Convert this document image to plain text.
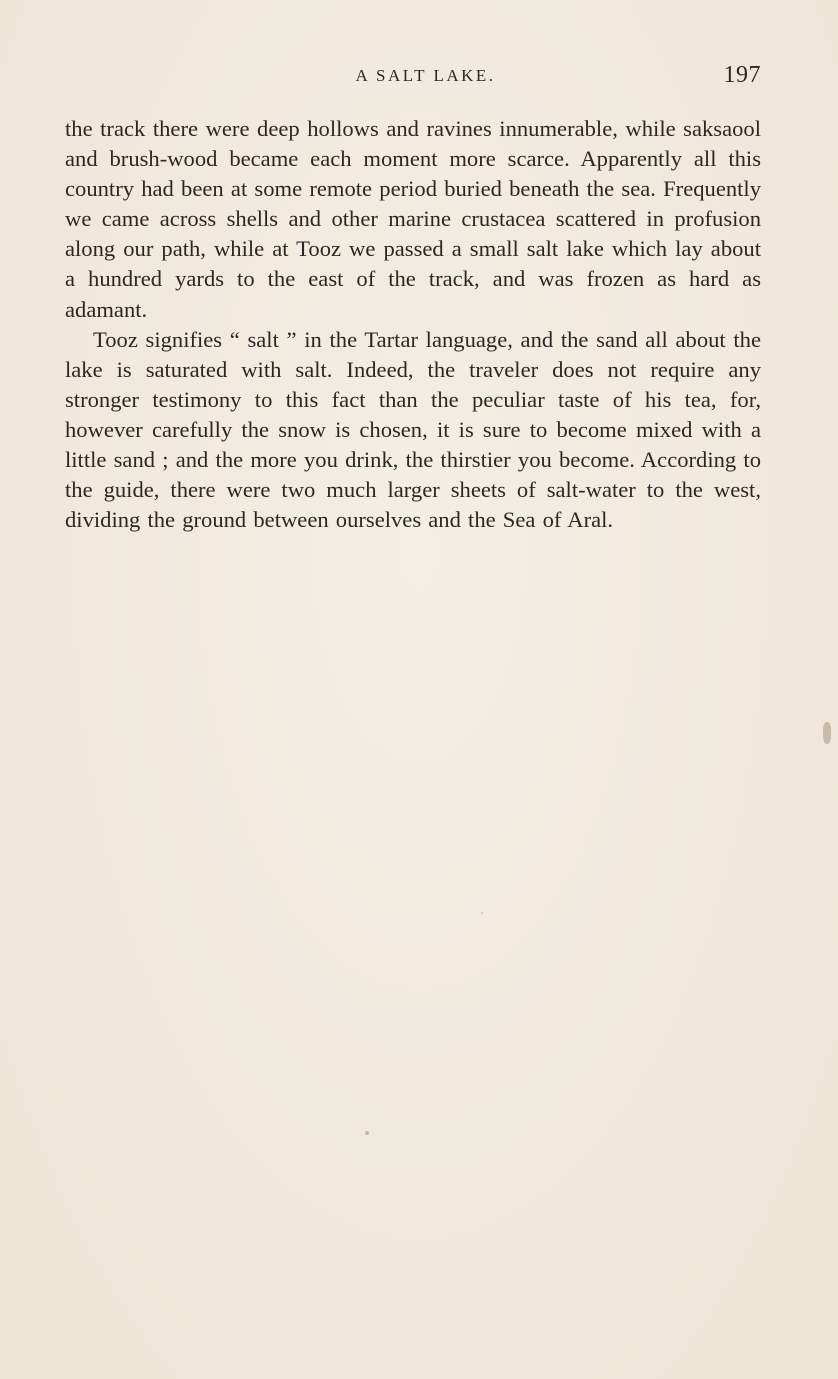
A SALT LAKE.	197

the track there were deep hollows and ravines innumerable, while saksaool and brush-wood became each moment more scarce. Apparently all this country had been at some remote period buried beneath the sea. Frequently we came across shells and other marine crustacea scattered in profusion along our path, while at Tooz we passed a small salt lake which lay about a hundred yards to the east of the track, and was frozen as hard as adamant.

Tooz signifies “ salt ” in the Tartar language, and the sand all about the lake is saturated with salt. Indeed, the traveler does not require any stronger testimony to this fact than the peculiar taste of his tea, for, however carefully the snow is chosen, it is sure to become mixed with a little sand ; and the more you drink, the thirstier you become. According to the guide, there were two much larger sheets of salt-water to the west, dividing the ground between ourselves and the Sea of Aral.
